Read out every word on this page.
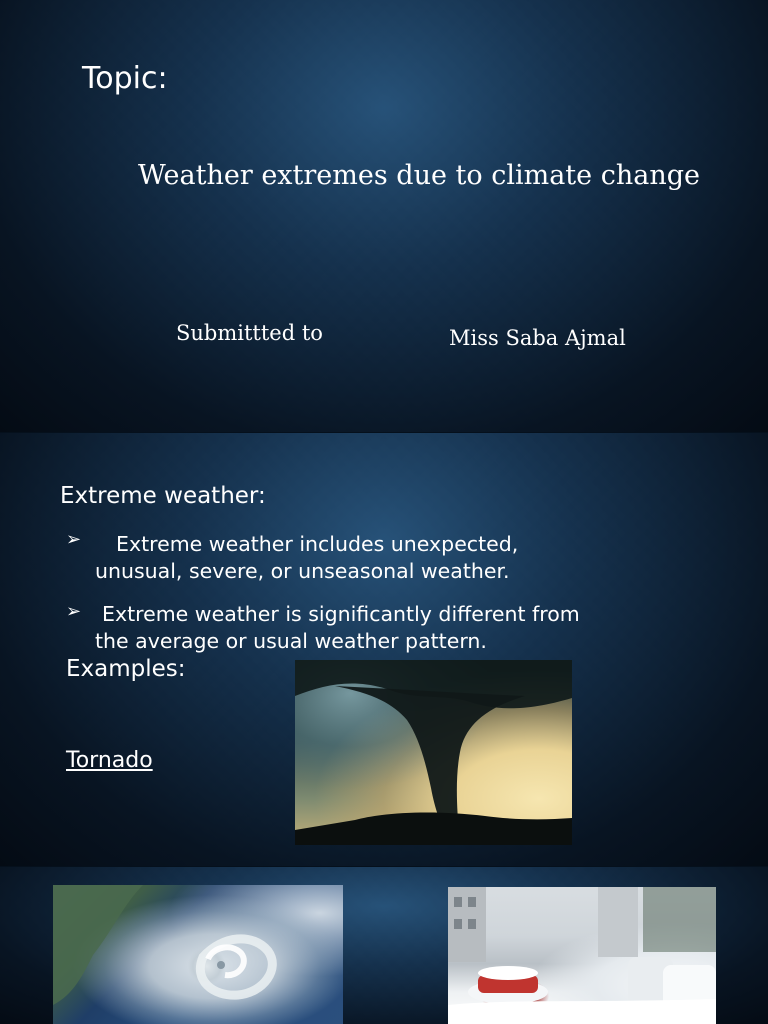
Topic:
Weather extremes due to climate change
Submittted to	Miss Saba Ajmal
Extreme weather:
➢ Extreme weather includes unexpected,
unusual, severe, or unseasonal weather.
➢ Extreme weather is significantly different from
the average or usual weather pattern.
Examples:
Tornado
